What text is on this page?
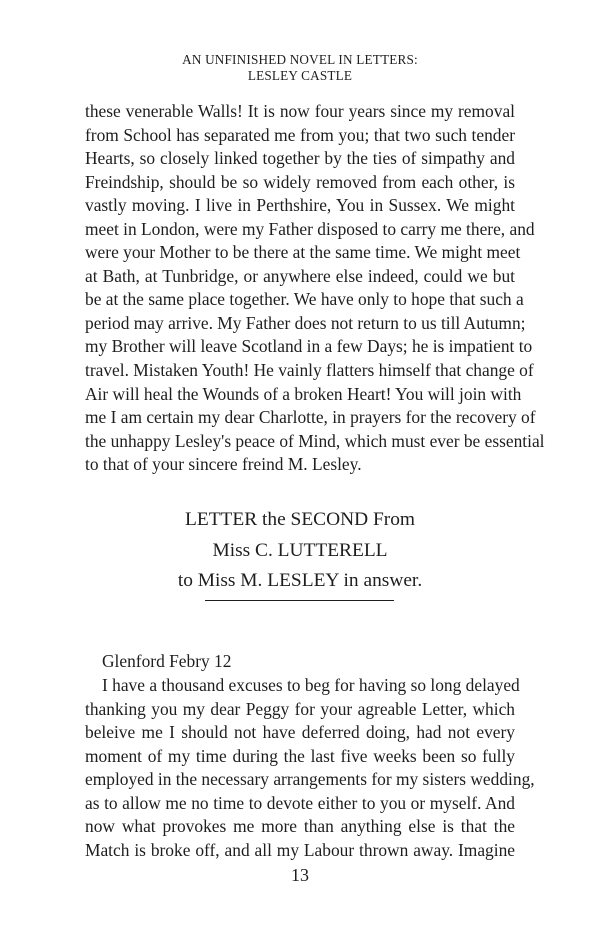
AN UNFINISHED NOVEL IN LETTERS:
LESLEY CASTLE
these venerable Walls! It is now four years since my removal
from School has separated me from you; that two such tender
Hearts, so closely linked together by the ties of simpathy and
Freindship, should be so widely removed from each other, is
vastly moving. I live in Perthshire, You in Sussex. We might
meet in London, were my Father disposed to carry me there, and
were your Mother to be there at the same time. We might meet
at Bath, at Tunbridge, or anywhere else indeed, could we but
be at the same place together. We have only to hope that such a
period may arrive. My Father does not return to us till Autumn;
my Brother will leave Scotland in a few Days; he is impatient to
travel. Mistaken Youth! He vainly flatters himself that change of
Air will heal the Wounds of a broken Heart! You will join with
me I am certain my dear Charlotte, in prayers for the recovery of
the unhappy Lesley's peace of Mind, which must ever be essential
to that of your sincere freind M. Lesley.
LETTER the SECOND From
Miss C. LUTTERELL
to Miss M. LESLEY in answer.
Glenford Febry 12
I have a thousand excuses to beg for having so long delayed
thanking you my dear Peggy for your agreable Letter, which
beleive me I should not have deferred doing, had not every
moment of my time during the last five weeks been so fully
employed in the necessary arrangements for my sisters wedding,
as to allow me no time to devote either to you or myself. And
now what provokes me more than anything else is that the
Match is broke off, and all my Labour thrown away. Imagine
13
